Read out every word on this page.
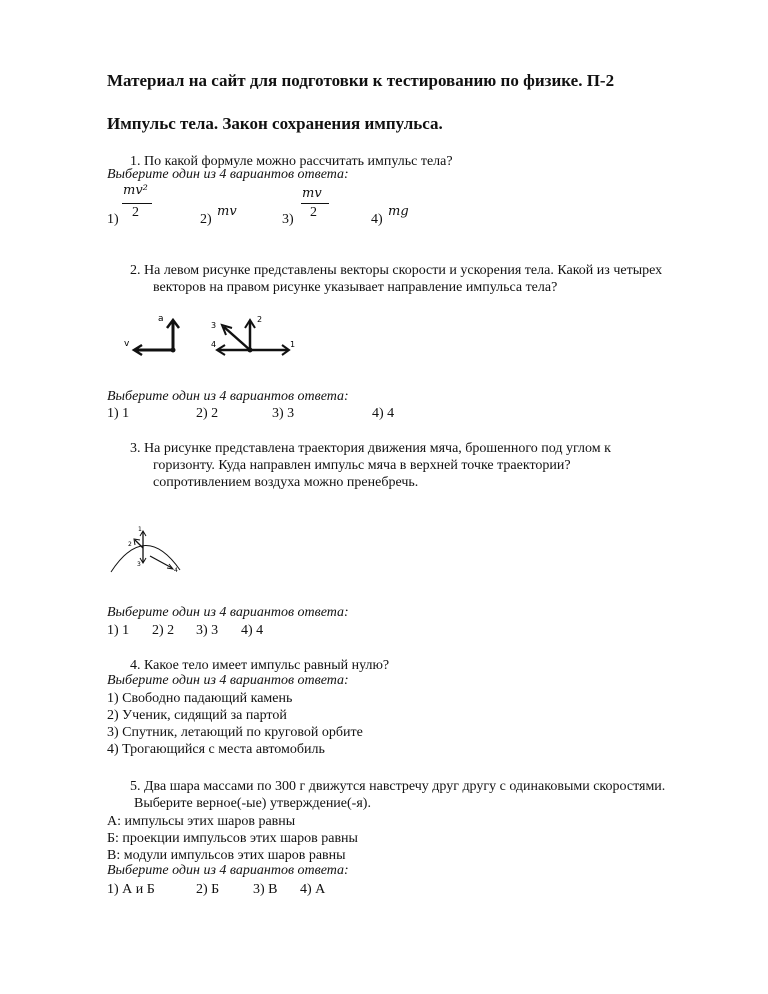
Материал на сайт для подготовки к тестированию по физике. П-2
Импульс тела. Закон сохранения импульса.
1. По какой формуле можно рассчитать импульс тела?
Выберите один из 4 вариантов ответа:
1)
mv²
2	2)
mv
3)
mv
2	4)
mg
2. На левом рисунке представлены векторы скорости и ускорения тела. Какой из четырех
векторов на правом рисунке указывает направление импульса тела?
a
v	1
2
3
4
1
2
3
4
Выберите один из 4 вариантов ответа:
1) 1	2) 2	3) 3	4) 4
3. На рисунке представлена траектория движения мяча, брошенного под углом к
горизонту. Куда направлен импульс мяча в верхней точке траектории?
сопротивлением воздуха можно пренебречь.
Выберите один из 4 вариантов ответа:
1) 1 2) 2 3) 3 4) 4
4. Какое тело имеет импульс равный нулю?
Выберите один из 4 вариантов ответа:
1) Свободно падающий камень
2) Ученик, сидящий за партой
3) Спутник, летающий по круговой орбите
4) Трогающийся с места автомобиль
5. Два шара массами по 300 г движутся навстречу друг другу с одинаковыми скоростями.
Выберите верное(-ые) утверждение(-я).
А: импульсы этих шаров равны
Б: проекции импульсов этих шаров равны
В: модули импульсов этих шаров равны
Выберите один из 4 вариантов ответа:
1) А и Б	2) Б 3) В 4) А
